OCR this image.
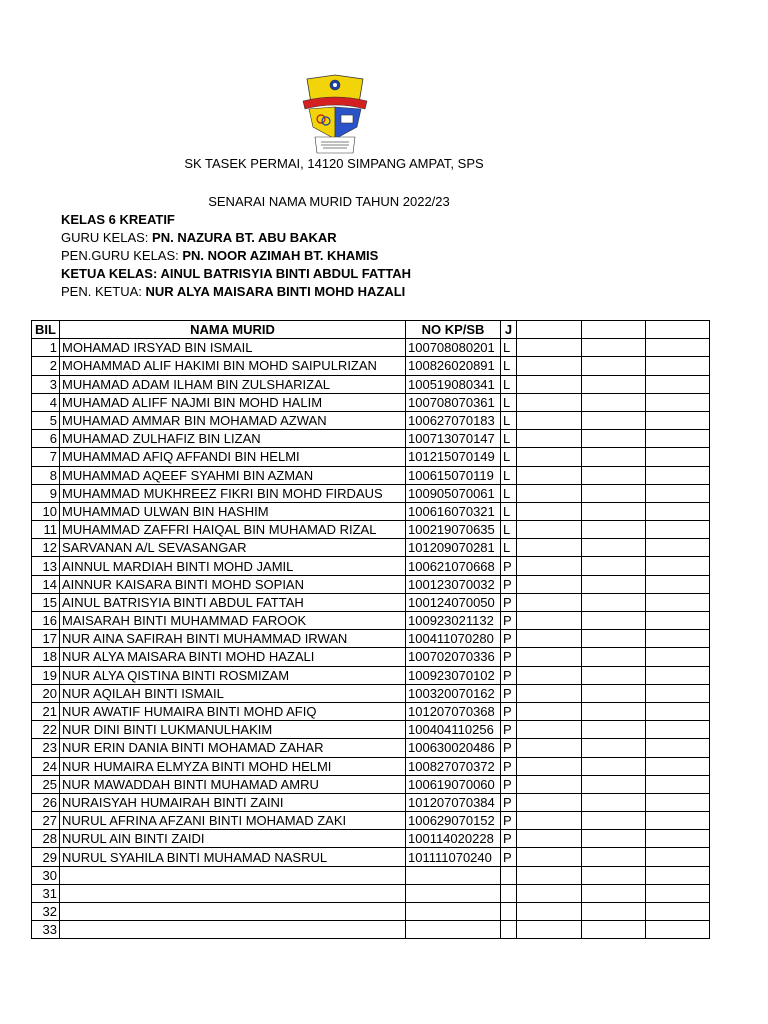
SK TASEK PERMAI, 14120 SIMPANG AMPAT, SPS
SENARAI NAMA MURID TAHUN 2022/23
KELAS 6 KREATIF
GURU KELAS: PN. NAZURA BT. ABU BAKAR
PEN.GURU KELAS: PN. NOOR AZIMAH BT. KHAMIS
KETUA KELAS: AINUL BATRISYIA BINTI ABDUL FATTAH
PEN. KETUA: NUR ALYA MAISARA BINTI MOHD HAZALI
BIL	NAMA MURID	NO KP/SB	J			
1	MOHAMAD IRSYAD BIN ISMAIL	100708080201	L			
2	MOHAMMAD ALIF HAKIMI BIN MOHD SAIPULRIZAN	100826020891	L			
3	MUHAMAD ADAM ILHAM BIN ZULSHARIZAL	100519080341	L			
4	MUHAMAD ALIFF NAJMI BIN MOHD HALIM	100708070361	L			
5	MUHAMAD AMMAR BIN MOHAMAD AZWAN	100627070183	L			
6	MUHAMAD ZULHAFIZ BIN LIZAN	100713070147	L			
7	MUHAMMAD AFIQ AFFANDI BIN HELMI	101215070149	L			
8	MUHAMMAD AQEEF SYAHMI BIN AZMAN	100615070119	L			
9	MUHAMMAD MUKHREEZ FIKRI BIN MOHD FIRDAUS	100905070061	L			
10	MUHAMMAD ULWAN BIN HASHIM	100616070321	L			
11	MUHAMMAD ZAFFRI HAIQAL BIN MUHAMAD RIZAL	100219070635	L			
12	SARVANAN A/L SEVASANGAR	101209070281	L			
13	AINNUL MARDIAH BINTI MOHD JAMIL	100621070668	P			
14	AINNUR KAISARA BINTI MOHD SOPIAN	100123070032	P			
15	AINUL BATRISYIA BINTI ABDUL FATTAH	100124070050	P			
16	MAISARAH BINTI MUHAMMAD FAROOK	100923021132	P			
17	NUR AINA SAFIRAH BINTI MUHAMMAD IRWAN	100411070280	P			
18	NUR ALYA MAISARA BINTI MOHD HAZALI	100702070336	P			
19	NUR ALYA QISTINA BINTI ROSMIZAM	100923070102	P			
20	NUR AQILAH BINTI ISMAIL	100320070162	P			
21	NUR AWATIF HUMAIRA BINTI MOHD AFIQ	101207070368	P			
22	NUR DINI BINTI LUKMANULHAKIM	100404110256	P			
23	NUR ERIN DANIA BINTI MOHAMAD ZAHAR	100630020486	P			
24	NUR HUMAIRA ELMYZA BINTI MOHD HELMI	100827070372	P			
25	NUR MAWADDAH BINTI MUHAMAD AMRU	100619070060	P			
26	NURAISYAH HUMAIRAH BINTI ZAINI	101207070384	P			
27	NURUL AFRINA AFZANI BINTI MOHAMAD ZAKI	100629070152	P			
28	NURUL AIN BINTI ZAIDI	100114020228	P			
29	NURUL SYAHILA BINTI MUHAMAD NASRUL	101111070240	P			
30						
31						
32						
33						
